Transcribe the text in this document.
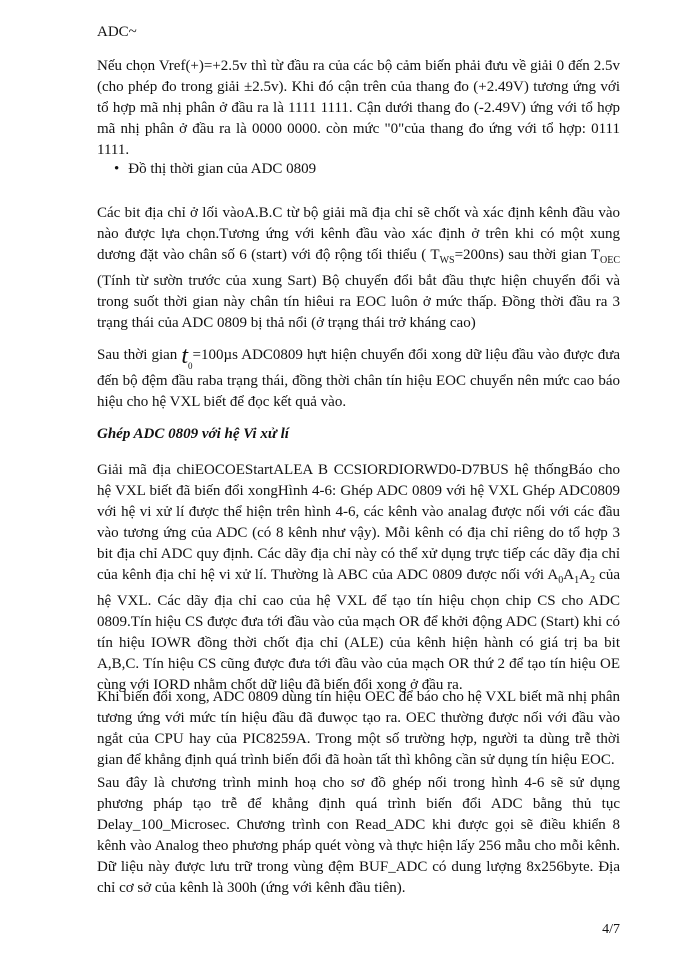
ADC~

Nếu chọn Vref(+)=+2.5v thì từ đầu ra của các bộ cảm biến phải đưu về giải 0 đến 2.5v (cho phép đo trong giải ±2.5v). Khi đó cận trên của thang đo (+2.49V) tương ứng với tổ hợp mã nhị phân ở đầu ra là 1111 1111. Cận dưới thang đo (-2.49V) ứng với tổ hợp mã nhị phân ở đầu ra là 0000 0000. còn mức "0"của thang đo ứng với tổ hợp: 0111 1111.

• Đồ thị thời gian của ADC 0809

Các bit địa chỉ ở lối vàoA.B.C từ bộ giải mã địa chỉ sẽ chốt và xác định kênh đầu vào nào được lựa chọn.Tương ứng với kênh đầu vào xác định ở trên khi có một xung dương đặt vào chân số 6 (start) với độ rộng tối thiểu ( $T_{WS}=200ns$) sau thời gian $T_{OEC}$ (Tính từ sườn trước của xung Sart) Bộ chuyển đổi bắt đầu thực hiện chuyển đổi và trong suốt thời gian này chân tín hiêui ra EOC luôn ở mức thấp. Đồng thời đầu ra 3 trạng thái của ADC 0809 bị thả nổi (ở trạng thái trở kháng cao)

Sau thời gian $t_0=100\mu s$ ADC0809 hựt hiện chuyển đổi xong dữ liệu đầu vào được đưa đến bộ đệm đầu raba trạng thái, đồng thời chân tín hiệu EOC chuyển nên mức cao báo hiệu cho hệ VXL biết để đọc kết quả vào.

Ghép ADC 0809 với hệ Vi xử lí

Giải mã địa chiEOCOEStartALEA B CCSIORDIORWD0-D7BUS hệ thốngBáo cho hệ VXL biết đã biến đổi xongHình 4-6: Ghép ADC 0809 với hệ VXL Ghép ADC0809 với hệ vi xử lí được thể hiện trên hình 4-6, các kênh vào analag được nối với các đầu vào tương ứng của ADC (có 8 kênh như vậy). Mỗi kênh có địa chỉ riêng do tổ hợp 3 bit địa chỉ ADC quy định. Các dãy địa chỉ này có thể xử dụng trực tiếp các dãy địa chỉ của kênh địa chỉ hệ vi xử lí. Thường là ABC của ADC 0809 được nối với $A_0A_1A_2$ của hệ VXL. Các dãy địa chỉ cao của hệ VXL để tạo tín hiệu chọn chip CS cho ADC 0809.Tín hiệu CS được đưa tới đầu vào của mạch OR để khởi động ADC (Start) khi có tín hiệu IOWR đồng thời chốt địa chỉ (ALE) của kênh hiện hành có giá trị ba bit A,B,C. Tín hiệu CS cũng được đưa tới đầu vào của mạch OR thứ 2 để tạo tín hiệu OE cùng với IORD nhằm chốt dữ liệu đã biến đổi xong ở đầu ra.

Khi biến đổi xong, ADC 0809 dùng tín hiệu OEC để báo cho hệ VXL biết mã nhị phân tương ứng với mức tín hiệu đầu đã đuwọc tạo ra. OEC thường được nối với đầu vào ngắt của CPU hay của PIC8259A. Trong một số trường hợp, người ta dùng trễ thời gian để khẳng định quá trình biến đổi đã hoàn tất thì không cần sử dụng tín hiệu EOC.

Sau đây là chương trình minh hoạ cho sơ đồ ghép nối trong hình 4-6 sẽ sử dụng phương pháp tạo trễ để khẳng định quá trình biến đổi ADC bằng thủ tục Delay_100_Microsec. Chương trình con Read_ADC khi được gọi sẽ điều khiển 8 kênh vào Analog theo phương pháp quét vòng và thực hiện lấy 256 mẫu cho mỗi kênh. Dữ liệu này được lưu trữ trong vùng đệm BUF_ADC có dung lượng 8x256byte. Địa chỉ cơ sở của kênh là 300h (ứng với kênh đầu tiên).

4/7
